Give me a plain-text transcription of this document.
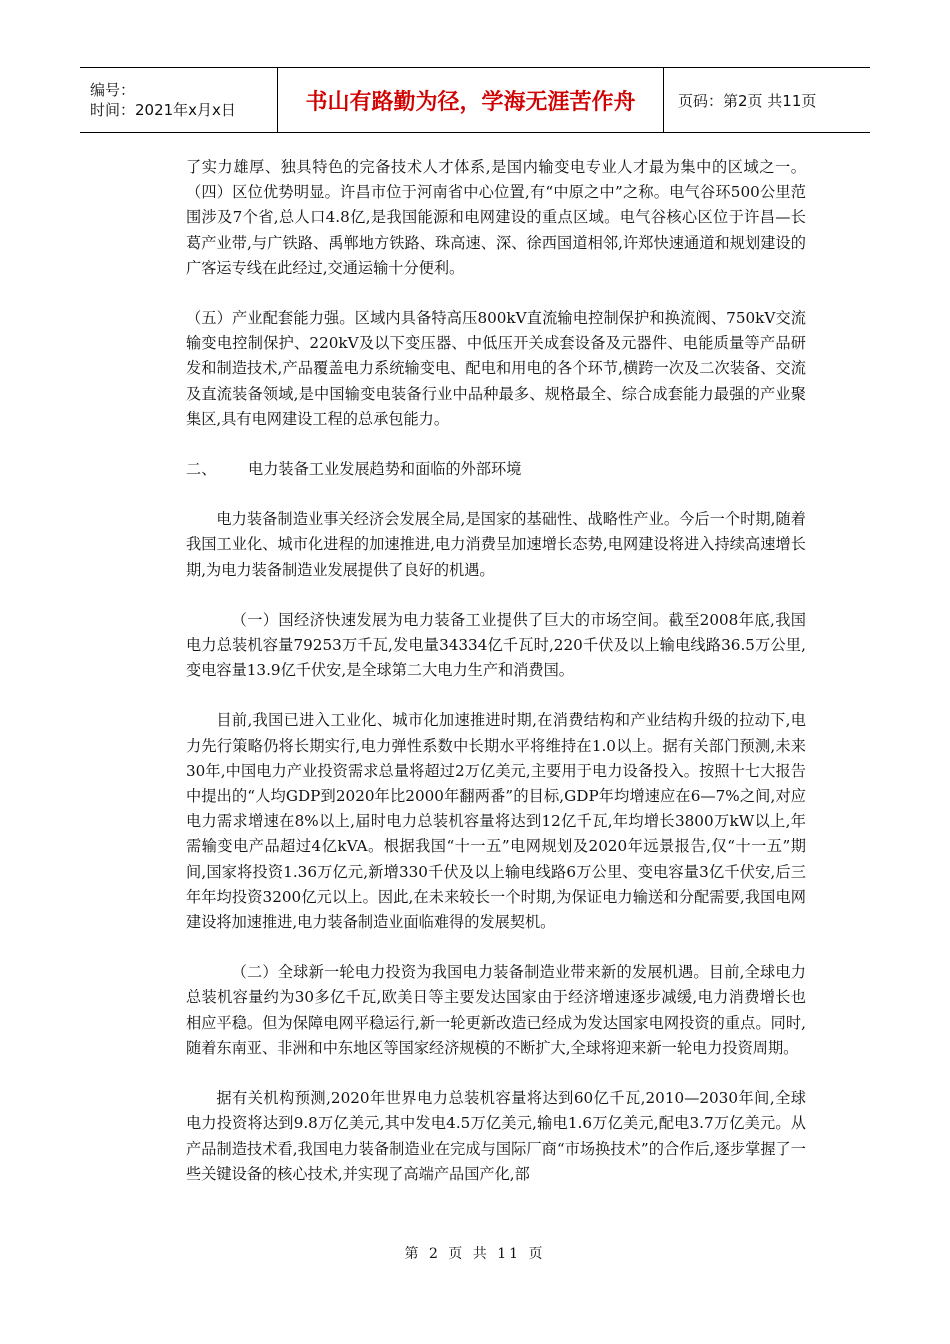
编号：
时间：2021年x月x日	书山有路勤为径，学海无涯苦作舟	页码：第2页 共11页

了实力雄厚、独具特色的完备技术人才体系,是国内输变电专业人才最为集中的区域之一。 （四）区位优势明显。许昌市位于河南省中心位置,有“中原之中”之称。电气谷环500公里范围涉及7个省,总人口4.8亿,是我国能源和电网建设的重点区域。电气谷核心区位于许昌—长葛产业带,与广铁路、禹郸地方铁路、珠高速、深、徐西国道相邻,许郑快速通道和规划建设的广客运专线在此经过,交通运输十分便利。

（五）产业配套能力强。区域内具备特高压800kV直流输电控制保护和换流阀、750kV交流输变电控制保护、220kV及以下变压器、中低压开关成套设备及元器件、电能质量等产品研发和制造技术,产品覆盖电力系统输变电、配电和用电的各个环节,横跨一次及二次装备、交流及直流装备领域,是中国输变电装备行业中品种最多、规格最全、综合成套能力最强的产业聚集区,具有电网建设工程的总承包能力。

二、	电力装备工业发展趋势和面临的外部环境

电力装备制造业事关经济会发展全局,是国家的基础性、战略性产业。今后一个时期,随着我国工业化、城市化进程的加速推进,电力消费呈加速增长态势,电网建设将进入持续高速增长期,为电力装备制造业发展提供了良好的机遇。

（一）国经济快速发展为电力装备工业提供了巨大的市场空间。截至2008年底,我国电力总装机容量79253万千瓦,发电量34334亿千瓦时,220千伏及以上输电线路36.5万公里,变电容量13.9亿千伏安,是全球第二大电力生产和消费国。

目前,我国已进入工业化、城市化加速推进时期,在消费结构和产业结构升级的拉动下,电力先行策略仍将长期实行,电力弹性系数中长期水平将维持在1.0以上。据有关部门预测,未来30年,中国电力产业投资需求总量将超过2万亿美元,主要用于电力设备投入。按照十七大报告中提出的“人均GDP到2020年比2000年翻两番”的目标,GDP年均增速应在6—7%之间,对应电力需求增速在8%以上,届时电力总装机容量将达到12亿千瓦,年均增长3800万kW以上,年需输变电产品超过4亿kVA。根据我国“十一五”电网规划及2020年远景报告,仅“十一五”期间,国家将投资1.36万亿元,新增330千伏及以上输电线路6万公里、变电容量3亿千伏安,后三年年均投资3200亿元以上。因此,在未来较长一个时期,为保证电力输送和分配需要,我国电网建设将加速推进,电力装备制造业面临难得的发展契机。

（二）全球新一轮电力投资为我国电力装备制造业带来新的发展机遇。目前,全球电力总装机容量约为30多亿千瓦,欧美日等主要发达国家由于经济增速逐步减缓,电力消费增长也相应平稳。但为保障电网平稳运行,新一轮更新改造已经成为发达国家电网投资的重点。同时,随着东南亚、非洲和中东地区等国家经济规模的不断扩大,全球将迎来新一轮电力投资周期。

据有关机构预测,2020年世界电力总装机容量将达到60亿千瓦,2010—2030年间,全球电力投资将达到9.8万亿美元,其中发电4.5万亿美元,输电1.6万亿美元,配电3.7万亿美元。从产品制造技术看,我国电力装备制造业在完成与国际厂商“市场换技术”的合作后,逐步掌握了一些关键设备的核心技术,并实现了高端产品国产化,部

第 2 页 共 11 页
